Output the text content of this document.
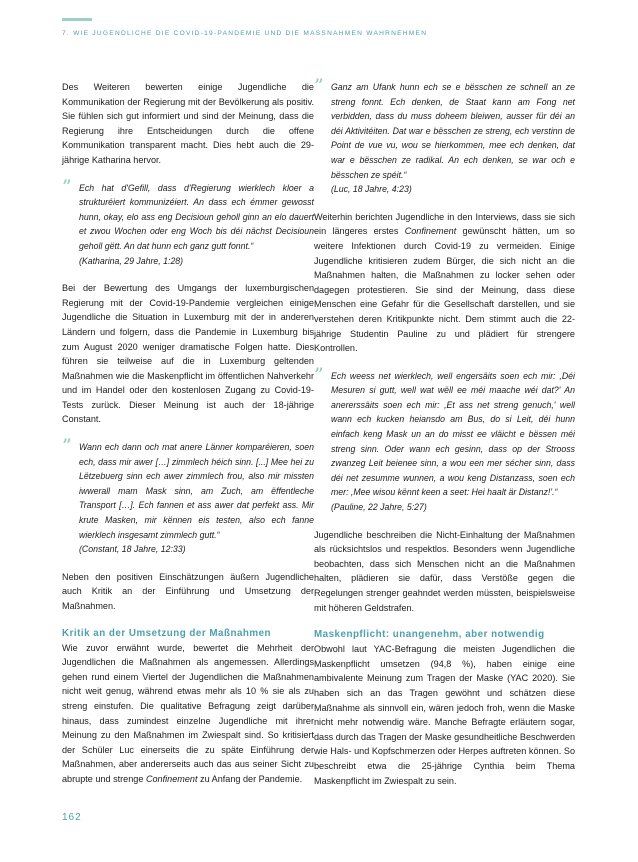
7. WIE JUGENDLICHE DIE COVID-19-PANDEMIE UND DIE MASSNAHMEN WAHRNEHMEN

Des Weiteren bewerten einige Jugendliche die Kommunikation der Regierung mit der Bevölkerung als positiv. Sie fühlen sich gut informiert und sind der Meinung, dass die Regierung ihre Entscheidungen durch die offene Kommunikation transparent macht. Dies hebt auch die 29-jährige Katharina hervor.

” Ech hat d'Gefill, dass d'Regierung wierklech kloer a strukturéiert kommunizéiert. An dass ech émmer gewosst hunn, okay, elo ass eng Decisioun geholl ginn an elo dauert et zwou Wochen oder eng Woch bis déi nächst Decisioun geholl gëtt. An dat hunn ech ganz gutt fonnt.“

(Katharina, 29 Jahre, 1:28)

Bei der Bewertung des Umgangs der luxemburgischen Regierung mit der Covid-19-Pandemie vergleichen einige Jugendliche die Situation in Luxemburg mit der in anderen Ländern und folgern, dass die Pandemie in Luxemburg bis zum August 2020 weniger dramatische Folgen hatte. Dies führen sie teilweise auf die in Luxemburg geltenden Maßnahmen wie die Maskenpflicht im öffentlichen Nahverkehr und im Handel oder den kostenlosen Zugang zu Covid-19-Tests zurück. Dieser Meinung ist auch der 18-jährige Constant.

” Wann ech dann och mat anere Länner komparéieren, soen ech, dass mir awer […] zimmlech héich sinn. [...] Mee hei zu Lëtzebuerg sinn ech awer zimmlech frou, also mir missten iwwerall mam Mask sinn, am Zuch, am ëffentleche Transport […]. Ech fannen et ass awer dat perfekt ass. Mir krute Masken, mir kënnen eis testen, also ech fanne wierklech insgesamt zimmlech gutt.“

(Constant, 18 Jahre, 12:33)

Neben den positiven Einschätzungen äußern Jugendliche auch Kritik an der Einführung und Umsetzung der Maßnahmen.

Kritik an der Umsetzung der Maßnahmen

Wie zuvor erwähnt wurde, bewertet die Mehrheit der Jugendlichen die Maßnahmen als angemessen. Allerdings gehen rund einem Viertel der Jugendlichen die Maßnahmen nicht weit genug, während etwas mehr als 10 % sie als zu streng einstufen. Die qualitative Befragung zeigt darüber hinaus, dass zumindest einzelne Jugendliche mit ihrer Meinung zu den Maßnahmen im Zwiespalt sind. So kritisiert der Schüler Luc einerseits die zu späte Einführung der Maßnahmen, aber andererseits auch das aus seiner Sicht zu abrupte und strenge Confinement zu Anfang der Pandemie.

” Ganz am Ufank hunn ech se e bësschen ze schnell an ze streng fonnt. Ech denken, de Staat kann am Fong net verbidden, dass du muss doheem bleiwen, ausser für déi an déi Aktivitéiten. Dat war e bësschen ze streng, ech verstinn de Point de vue vu, wou se hierkommen, mee ech denken, dat war e bësschen ze radikal. An ech denken, se war och e bësschen ze spéit.“

(Luc, 18 Jahre, 4:23)

Weiterhin berichten Jugendliche in den Interviews, dass sie sich ein längeres erstes Confinement gewünscht hätten, um so weitere Infektionen durch Covid-19 zu vermeiden. Einige Jugendliche kritisieren zudem Bürger, die sich nicht an die Maßnahmen halten, die Maßnahmen zu locker sehen oder dagegen protestieren. Sie sind der Meinung, dass diese Menschen eine Gefahr für die Gesellschaft darstellen, und sie verstehen deren Kritikpunkte nicht. Dem stimmt auch die 22-jährige Studentin Pauline zu und plädiert für strengere Kontrollen.

” Ech weess net wierklech, well engersäits soen ech mir: ,Déi Mesuren si gutt, well wat wëll ee méi maache wéi dat?' An anererssäits soen ech mir: ,Et ass net streng genuch,' well wann ech kucken heiansdo am Bus, do si Leit, déi hunn einfach keng Mask un an do misst ee vläicht e bëssen méi streng sinn. Oder wann ech gesinn, dass op der Strooss zwanzeg Leit beienee sinn, a wou een mer sécher sinn, dass déi net zesumme wunnen, a wou keng Distanzass, soen ech mer: ,Mee wisou kënnt keen a seet: Hei haalt är Distanz!'.“

(Pauline, 22 Jahre, 5:27)

Jugendliche beschreiben die Nicht-Einhaltung der Maßnahmen als rücksichtslos und respektlos. Besonders wenn Jugendliche beobachten, dass sich Menschen nicht an die Maßnahmen halten, plädieren sie dafür, dass Verstöße gegen die Regelungen strenger geahndet werden müssten, beispielsweise mit höheren Geldstrafen.

Maskenpflicht: unangenehm, aber notwendig

Obwohl laut YAC-Befragung die meisten Jugendlichen die Maskenpflicht umsetzen (94,8 %), haben einige eine ambivalente Meinung zum Tragen der Maske (YAC 2020). Sie haben sich an das Tragen gewöhnt und schätzen diese Maßnahme als sinnvoll ein, wären jedoch froh, wenn die Maske nicht mehr notwendig wäre. Manche Befragte erläutern sogar, dass durch das Tragen der Maske gesundheitliche Beschwerden wie Hals- und Kopfschmerzen oder Herpes auftreten können. So beschreibt etwa die 25-jährige Cynthia beim Thema Maskenpflicht im Zwiespalt zu sein.

162
